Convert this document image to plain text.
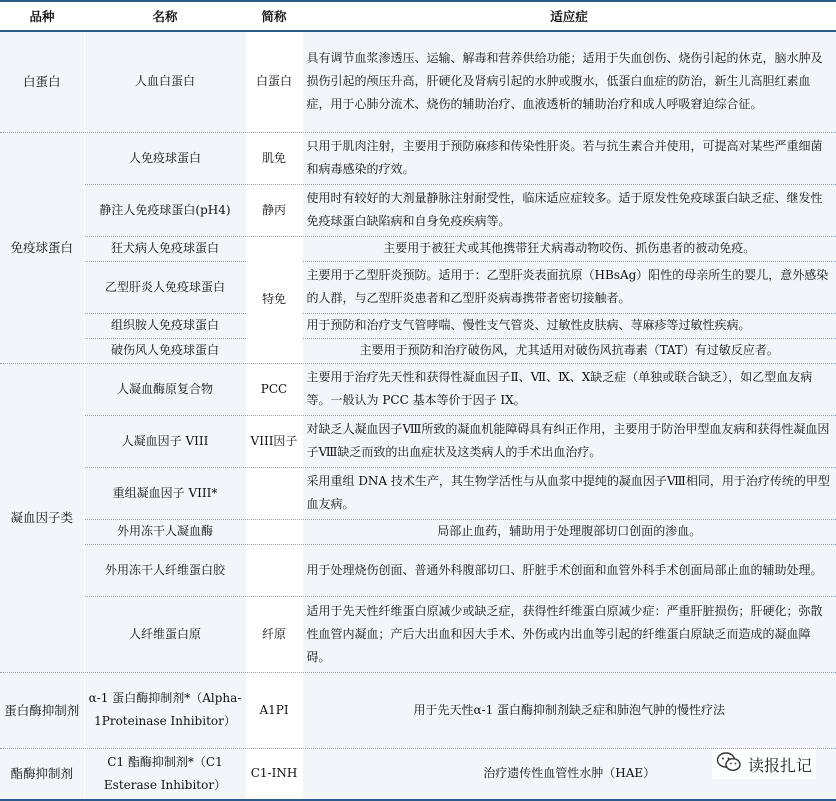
品种	名称	简称	适应症
白蛋白	人血白蛋白	白蛋白	具有调节血浆渗透压、运输、解毒和营养供给功能；适用于失血创伤、烧伤引起的休克，脑水肿及损伤引起的颅压升高，肝硬化及肾病引起的水肿或腹水，低蛋白血症的防治，新生儿高胆红素血症，用于心肺分流术、烧伤的辅助治疗、血液透析的辅助治疗和成人呼吸窘迫综合征。
免疫球蛋白	人免疫球蛋白	肌免	只用于肌肉注射，主要用于预防麻疹和传染性肝炎。若与抗生素合并使用，可提高对某些严重细菌和病毒感染的疗效。
	静注人免疫球蛋白(pH4)	静丙	使用时有较好的大剂量静脉注射耐受性，临床适应症较多。适于原发性免疫球蛋白缺乏症、继发性免疫球蛋白缺陷病和自身免疫疾病等。
	狂犬病人免疫球蛋白	特免	主要用于被狂犬或其他携带狂犬病毒动物咬伤、抓伤患者的被动免疫。
	乙型肝炎人免疫球蛋白		主要用于乙型肝炎预防。适用于：乙型肝炎表面抗原（HBsAg）阳性的母亲所生的婴儿，意外感染的人群，与乙型肝炎患者和乙型肝炎病毒携带者密切接触者。
	组织胺人免疫球蛋白		用于预防和治疗支气管哮喘、慢性支气管炎、过敏性皮肤病、荨麻疹等过敏性疾病。
	破伤风人免疫球蛋白		主要用于预防和治疗破伤风，尤其适用对破伤风抗毒素（TAT）有过敏反应者。
凝血因子类	人凝血酶原复合物	PCC	主要用于治疗先天性和获得性凝血因子Ⅱ、Ⅶ、Ⅸ、Ⅹ缺乏症（单独或联合缺乏），如乙型血友病等。一般认为 PCC 基本等价于因子 IX。
	人凝血因子 VIII	VIII因子	对缺乏人凝血因子Ⅷ所致的凝血机能障碍具有纠正作用，主要用于防治甲型血友病和获得性凝血因子Ⅷ缺乏而致的出血症状及这类病人的手术出血治疗。
	重组凝血因子 VIII*		采用重组 DNA 技术生产，其生物学活性与从血浆中提纯的凝血因子Ⅷ相同，用于治疗传统的甲型血友病。
	外用冻干人凝血酶		局部止血药，辅助用于处理腹部切口创面的渗血。
	外用冻干人纤维蛋白胶		用于处理烧伤创面、普通外科腹部切口、肝脏手术创面和血管外科手术创面局部止血的辅助处理。
	人纤维蛋白原	纤原	适用于先天性纤维蛋白原减少或缺乏症，获得性纤维蛋白原减少症：严重肝脏损伤；肝硬化；弥散性血管内凝血；产后大出血和因大手术、外伤或内出血等引起的纤维蛋白原缺乏而造成的凝血障碍。
蛋白酶抑制剂	α-1 蛋白酶抑制剂*（Alpha-1Proteinase Inhibitor）	A1PI	用于先天性α-1 蛋白酶抑制剂缺乏症和肺泡气肿的慢性疗法
酯酶抑制剂	C1 酯酶抑制剂*（C1 Esterase Inhibitor）	C1-INH	治疗遗传性血管性水肿（HAE）	读报扎记
